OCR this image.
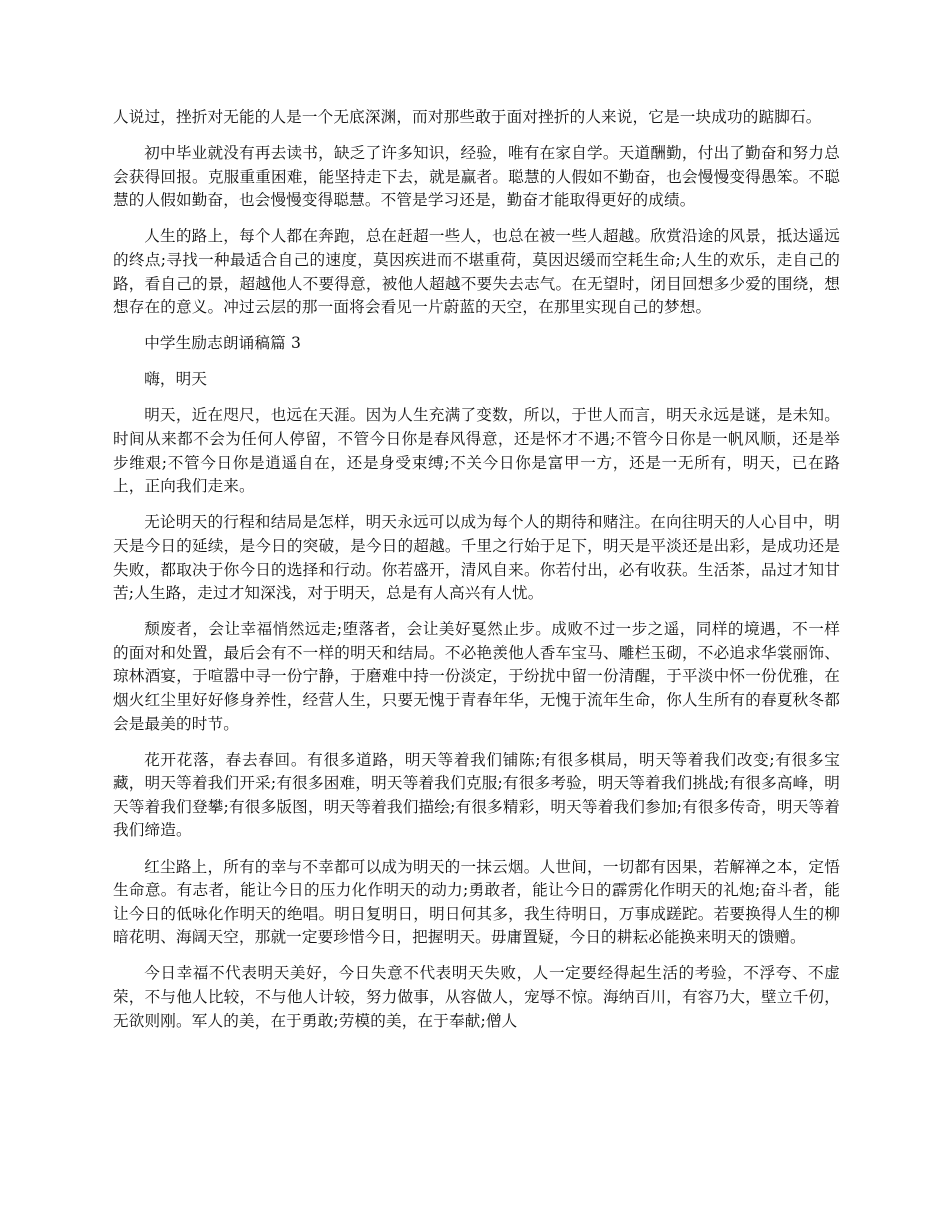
人说过，挫折对无能的人是一个无底深渊，而对那些敢于面对挫折的人来说，它是一块成功的踮脚石。

初中毕业就没有再去读书，缺乏了许多知识，经验，唯有在家自学。天道酬勤，付出了勤奋和努力总会获得回报。克服重重困难，能坚持走下去，就是赢者。聪慧的人假如不勤奋，也会慢慢变得愚笨。不聪慧的人假如勤奋，也会慢慢变得聪慧。不管是学习还是，勤奋才能取得更好的成绩。

人生的路上，每个人都在奔跑，总在赶超一些人，也总在被一些人超越。欣赏沿途的风景，抵达遥远的终点;寻找一种最适合自己的速度，莫因疾进而不堪重荷，莫因迟缓而空耗生命;人生的欢乐，走自己的路，看自己的景，超越他人不要得意，被他人超越不要失去志气。在无望时，闭目回想多少爱的围绕，想想存在的意义。冲过云层的那一面将会看见一片蔚蓝的天空，在那里实现自己的梦想。

中学生励志朗诵稿篇 3

嗨，明天

明天，近在咫尺，也远在天涯。因为人生充满了变数，所以，于世人而言，明天永远是谜，是未知。时间从来都不会为任何人停留，不管今日你是春风得意，还是怀才不遇;不管今日你是一帆风顺，还是举步维艰;不管今日你是逍遥自在，还是身受束缚;不关今日你是富甲一方，还是一无所有，明天，已在路上，正向我们走来。

无论明天的行程和结局是怎样，明天永远可以成为每个人的期待和赌注。在向往明天的人心目中，明天是今日的延续，是今日的突破，是今日的超越。千里之行始于足下，明天是平淡还是出彩，是成功还是失败，都取决于你今日的选择和行动。你若盛开，清风自来。你若付出，必有收获。生活茶，品过才知甘苦;人生路，走过才知深浅，对于明天，总是有人高兴有人忧。

颓废者，会让幸福悄然远走;堕落者，会让美好戛然止步。成败不过一步之遥，同样的境遇，不一样的面对和处置，最后会有不一样的明天和结局。不必艳羡他人香车宝马、雕栏玉砌，不必追求华裳丽饰、琼林酒宴，于喧嚣中寻一份宁静，于磨难中持一份淡定，于纷扰中留一份清醒，于平淡中怀一份优雅，在烟火红尘里好好修身养性，经营人生，只要无愧于青春年华，无愧于流年生命，你人生所有的春夏秋冬都会是最美的时节。

花开花落，春去春回。有很多道路，明天等着我们铺陈;有很多棋局，明天等着我们改变;有很多宝藏，明天等着我们开采;有很多困难，明天等着我们克服;有很多考验，明天等着我们挑战;有很多高峰，明天等着我们登攀;有很多版图，明天等着我们描绘;有很多精彩，明天等着我们参加;有很多传奇，明天等着我们缔造。

红尘路上，所有的幸与不幸都可以成为明天的一抹云烟。人世间，一切都有因果，若解禅之本，定悟生命意。有志者，能让今日的压力化作明天的动力;勇敢者，能让今日的霹雳化作明天的礼炮;奋斗者，能让今日的低咏化作明天的绝唱。明日复明日，明日何其多，我生待明日，万事成蹉跎。若要换得人生的柳暗花明、海阔天空，那就一定要珍惜今日，把握明天。毋庸置疑，今日的耕耘必能换来明天的馈赠。

今日幸福不代表明天美好，今日失意不代表明天失败，人一定要经得起生活的考验，不浮夸、不虚荣，不与他人比较，不与他人计较，努力做事，从容做人，宠辱不惊。海纳百川，有容乃大，壁立千仞，无欲则刚。军人的美，在于勇敢;劳模的美，在于奉献;僧人
